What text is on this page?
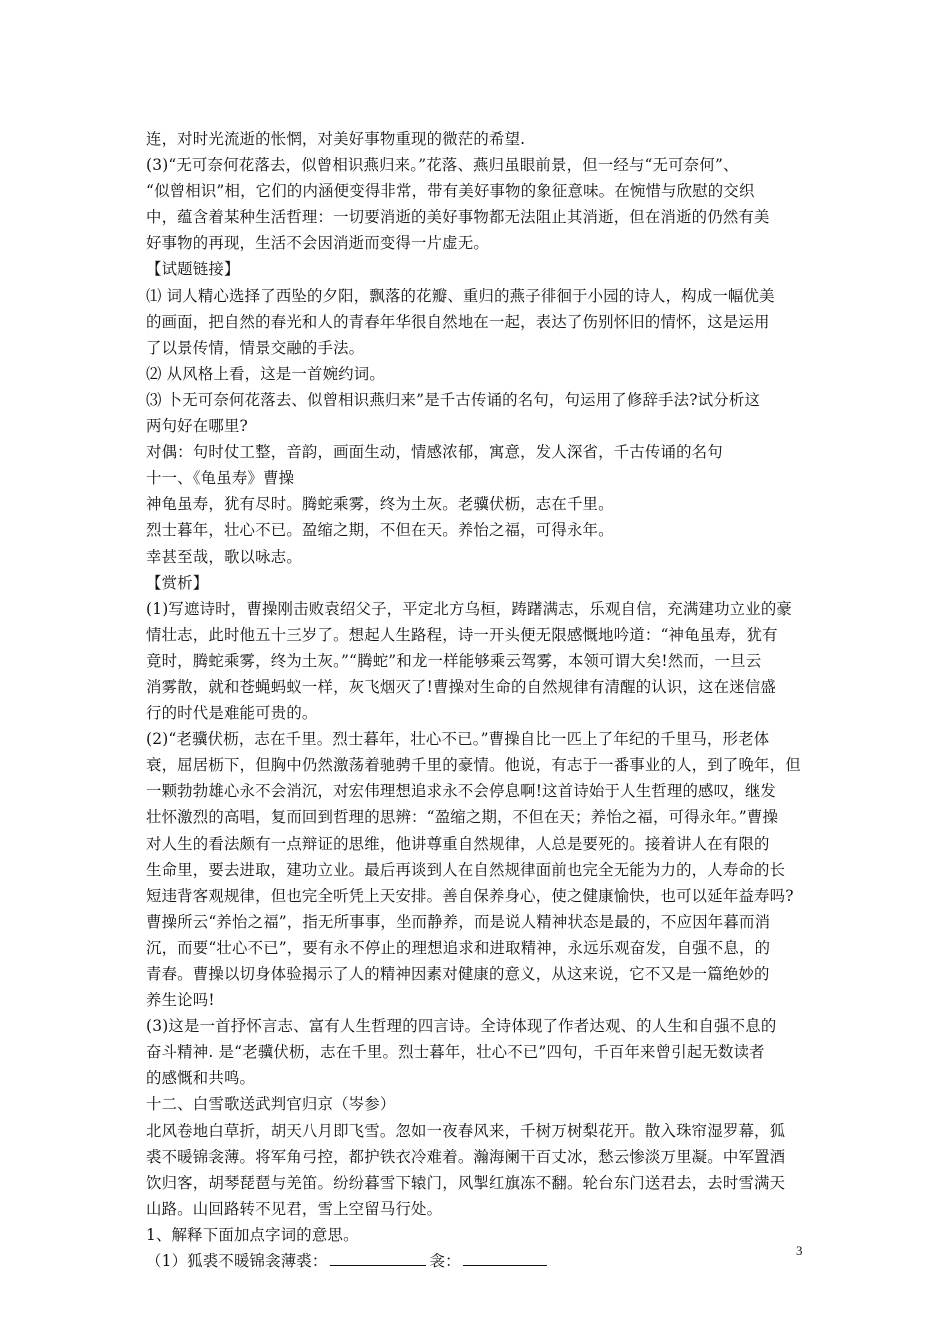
连，对时光流逝的怅惘，对美好事物重现的微茫的希望.
(3)“无可奈何花落去，似曾相识燕归来。”花落、燕归虽眼前景，但一经与“无可奈何”、
“似曾相识”相，它们的内涵便变得非常，带有美好事物的象征意味。在惋惜与欣慰的交织
中，蕴含着某种生活哲理：一切要消逝的美好事物都无法阻止其消逝，但在消逝的仍然有美
好事物的再现，生活不会因消逝而变得一片虚无。
【试题链接】
⑴ 词人精心选择了西坠的夕阳，飘落的花瓣、重归的燕子徘徊于小园的诗人，构成一幅优美
的画面，把自然的春光和人的青春年华很自然地在一起，表达了伤别怀旧的情怀，这是运用
了以景传情，情景交融的手法。
⑵ 从风格上看，这是一首婉约词。
⑶ 卜无可奈何花落去、似曾相识燕归来”是千古传诵的名句，句运用了修辞手法?试分析这
两句好在哪里?
对偶：句时仗工整，音韵，画面生动，情感浓郁，寓意，发人深省，千古传诵的名句
十一、《龟虽寿》曹操
神龟虽寿，犹有尽时。腾蛇乘雾，终为土灰。老骥伏枥，志在千里。
烈士暮年，壮心不已。盈缩之期，不但在天。养怡之福，可得永年。
幸甚至哉，歌以咏志。
【赏析】
(1)写遮诗时，曹操刚击败袁绍父子，平定北方乌桓，踌躇满志，乐观自信，充满建功立业的豪
情壮志，此时他五十三岁了。想起人生路程，诗一开头便无限感慨地吟道：“神龟虽寿，犹有
竟时，腾蛇乘雾，终为土灰。”“腾蛇”和龙一样能够乘云驾雾，本领可谓大矣!然而，一旦云
消雾散，就和苍蝇蚂蚁一样，灰飞烟灭了!曹操对生命的自然规律有清醒的认识，这在迷信盛
行的时代是难能可贵的。
(2)“老骥伏枥，志在千里。烈士暮年，壮心不已。”曹操自比一匹上了年纪的千里马，形老体
衰，屈居枥下，但胸中仍然激荡着驰骋千里的豪情。他说，有志于一番事业的人，到了晚年，但
一颗勃勃雄心永不会消沉，对宏伟理想追求永不会停息啊!这首诗始于人生哲理的感叹，继发
壮怀激烈的高唱，复而回到哲理的思辨：“盈缩之期，不但在天；养怡之福，可得永年。”曹操
对人生的看法颇有一点辩证的思维，他讲尊重自然规律，人总是要死的。接着讲人在有限的
生命里，要去进取，建功立业。最后再谈到人在自然规律面前也完全无能为力的，人寿命的长
短违背客观规律，但也完全听凭上天安排。善自保养身心，使之健康愉快，也可以延年益寿吗?
曹操所云“养怡之福”，指无所事事，坐而静养，而是说人精神状态是最的，不应因年暮而消
沉，而要“壮心不已”，要有永不停止的理想追求和进取精神，永远乐观奋发，自强不息，的
青春。曹操以切身体验揭示了人的精神因素对健康的意义，从这来说，它不又是一篇绝妙的
养生论吗!
(3)这是一首抒怀言志、富有人生哲理的四言诗。全诗体现了作者达观、的人生和自强不息的
奋斗精神. 是“老骥伏枥，志在千里。烈士暮年，壮心不已”四句，千百年来曾引起无数读者
的感慨和共鸣。
十二、白雪歌送武判官归京（岑参）
北风卷地白草折，胡天八月即飞雪。忽如一夜春风来，千树万树梨花开。散入珠帘湿罗幕，狐
裘不暖锦衾薄。将军角弓控，都护铁衣冷难着。瀚海阑干百丈冰，愁云惨淡万里凝。中军置酒
饮归客，胡琴琵琶与羌笛。纷纷暮雪下辕门，风掣红旗冻不翻。轮台东门送君去，去时雪满天
山路。山回路转不见君，雪上空留马行处。
1、解释下面加点字词的意思。
（1）狐裘不暖锦衾薄裘：	衾：
3
